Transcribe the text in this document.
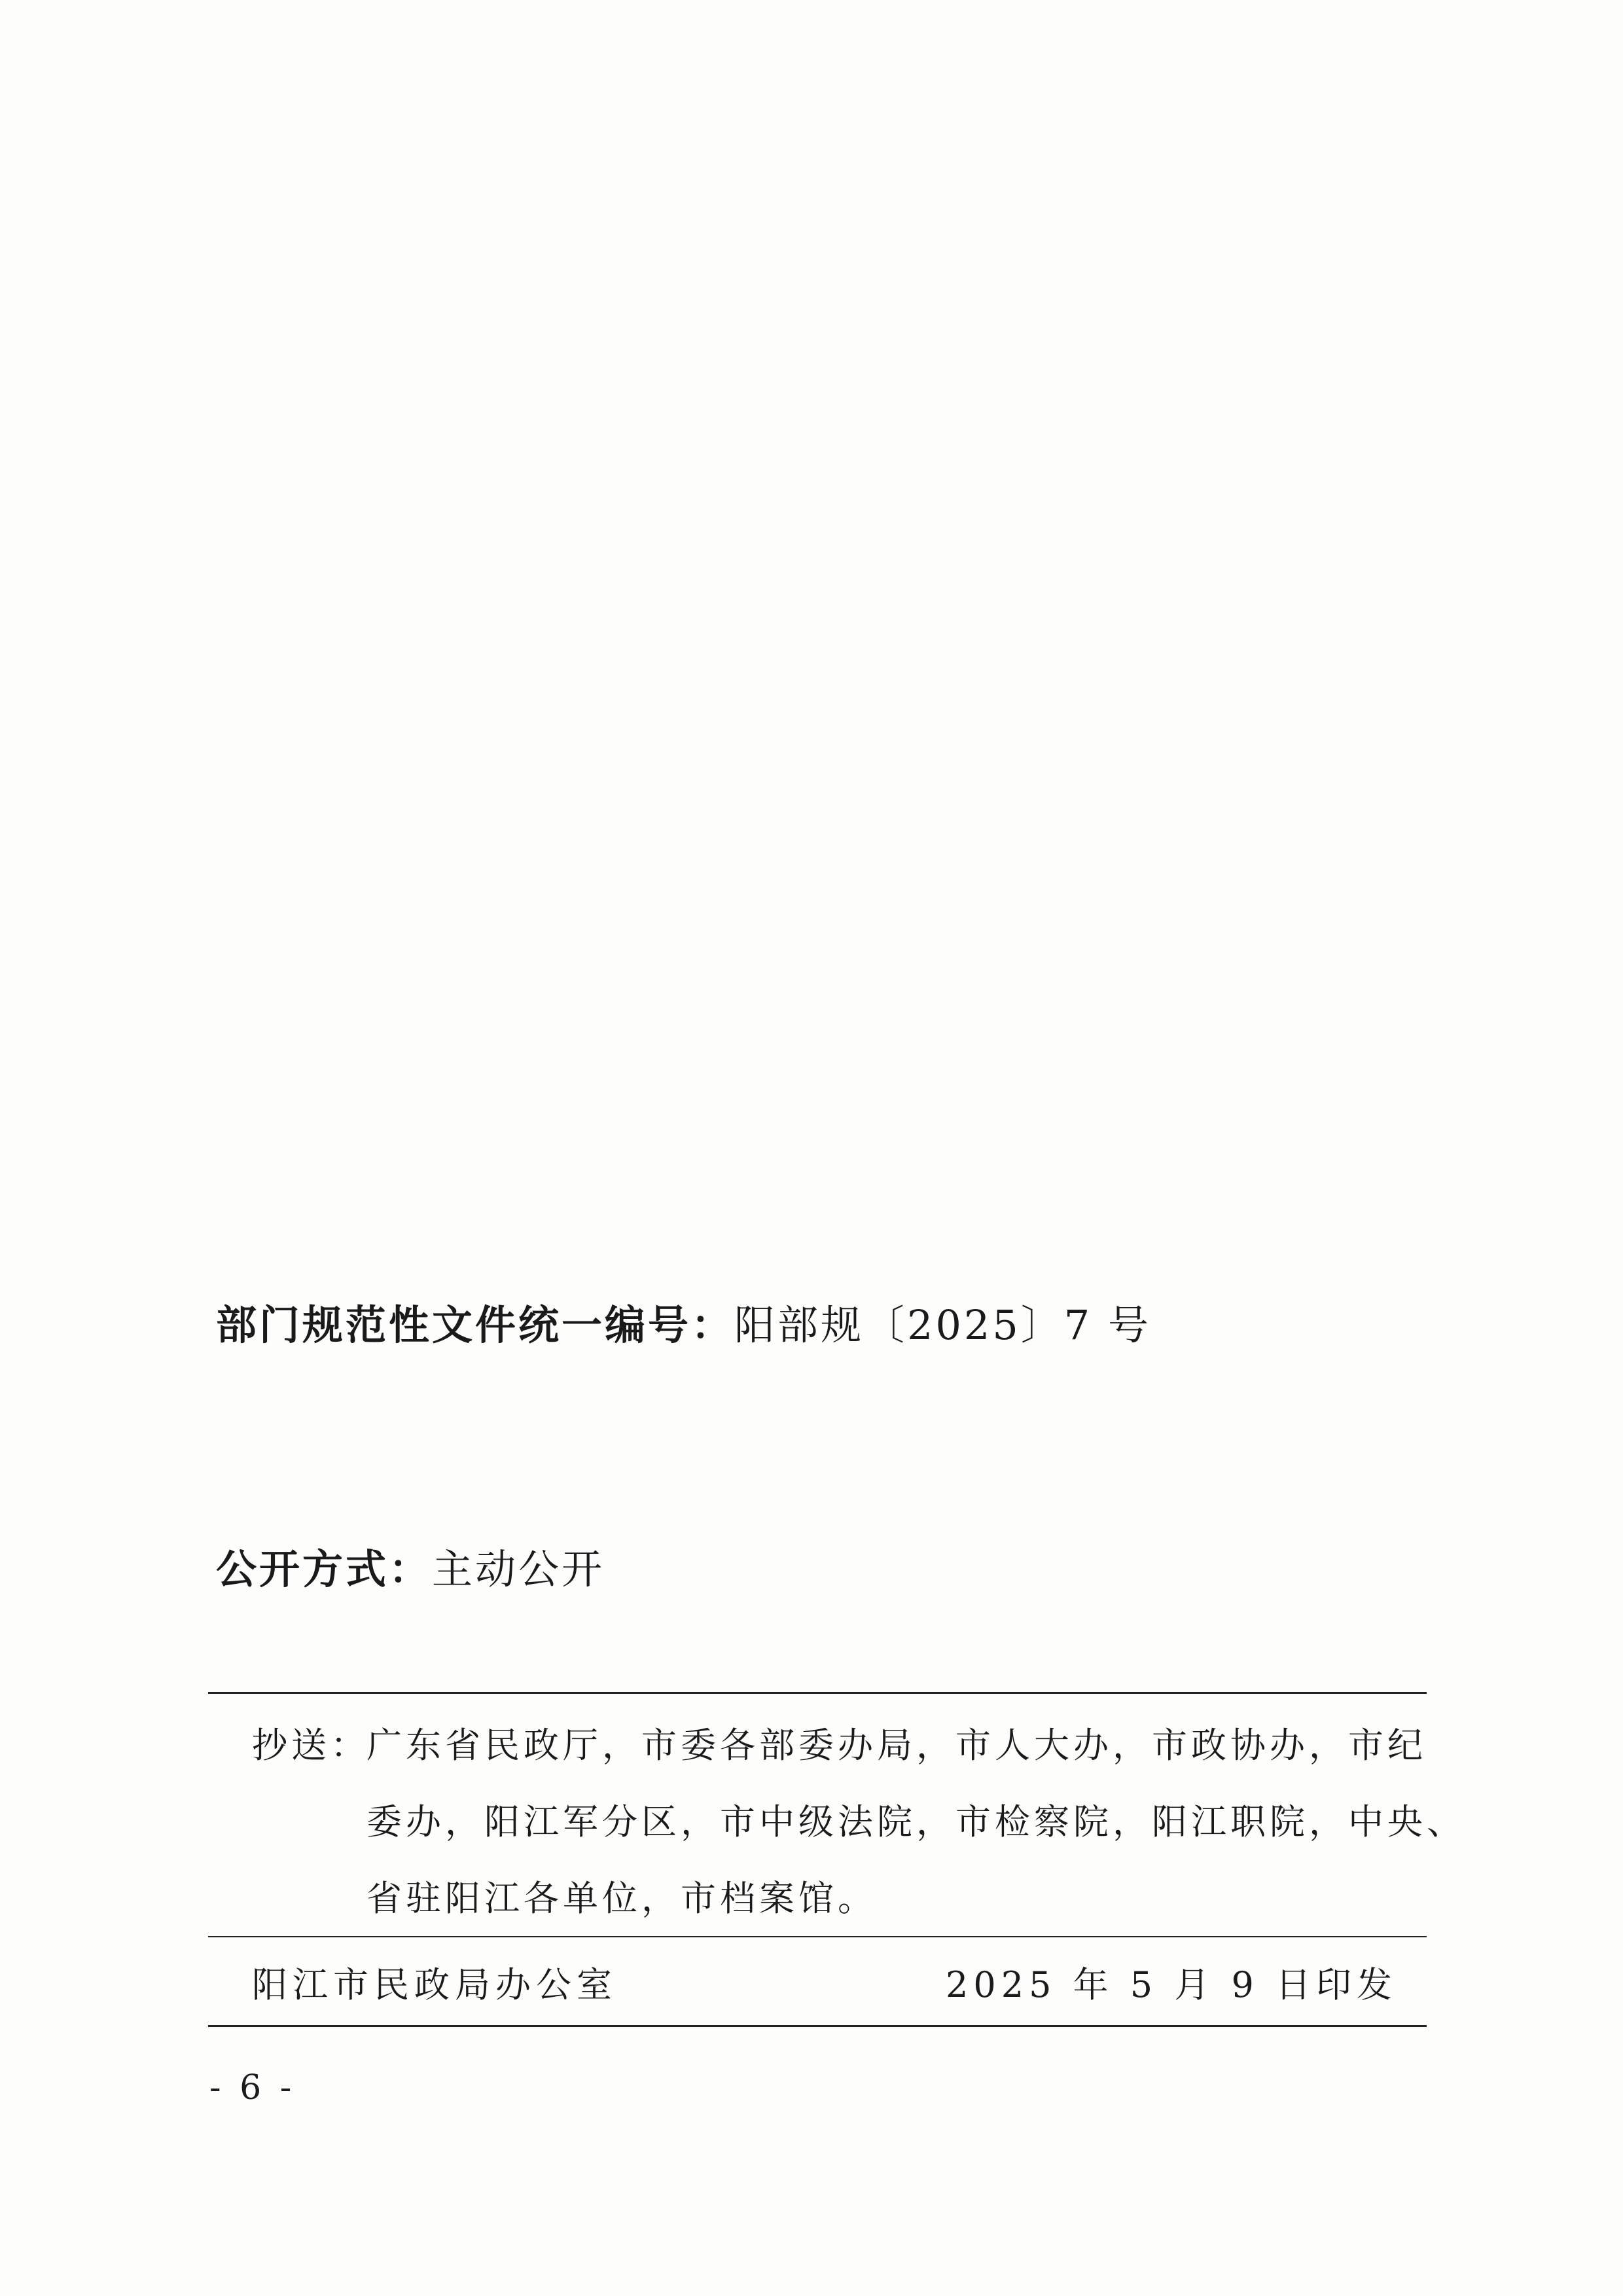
部门规范性文件统一编号：阳部规〔2025〕7 号
公开方式：主动公开
抄送：
广东省民政厅，市委各部委办局，市人大办，市政协办，市纪
委办，阳江军分区，市中级法院，市检察院，阳江职院，中央、
省驻阳江各单位，市档案馆。
阳江市民政局办公室	2025 年 5 月 9 日印发
- 6 -
